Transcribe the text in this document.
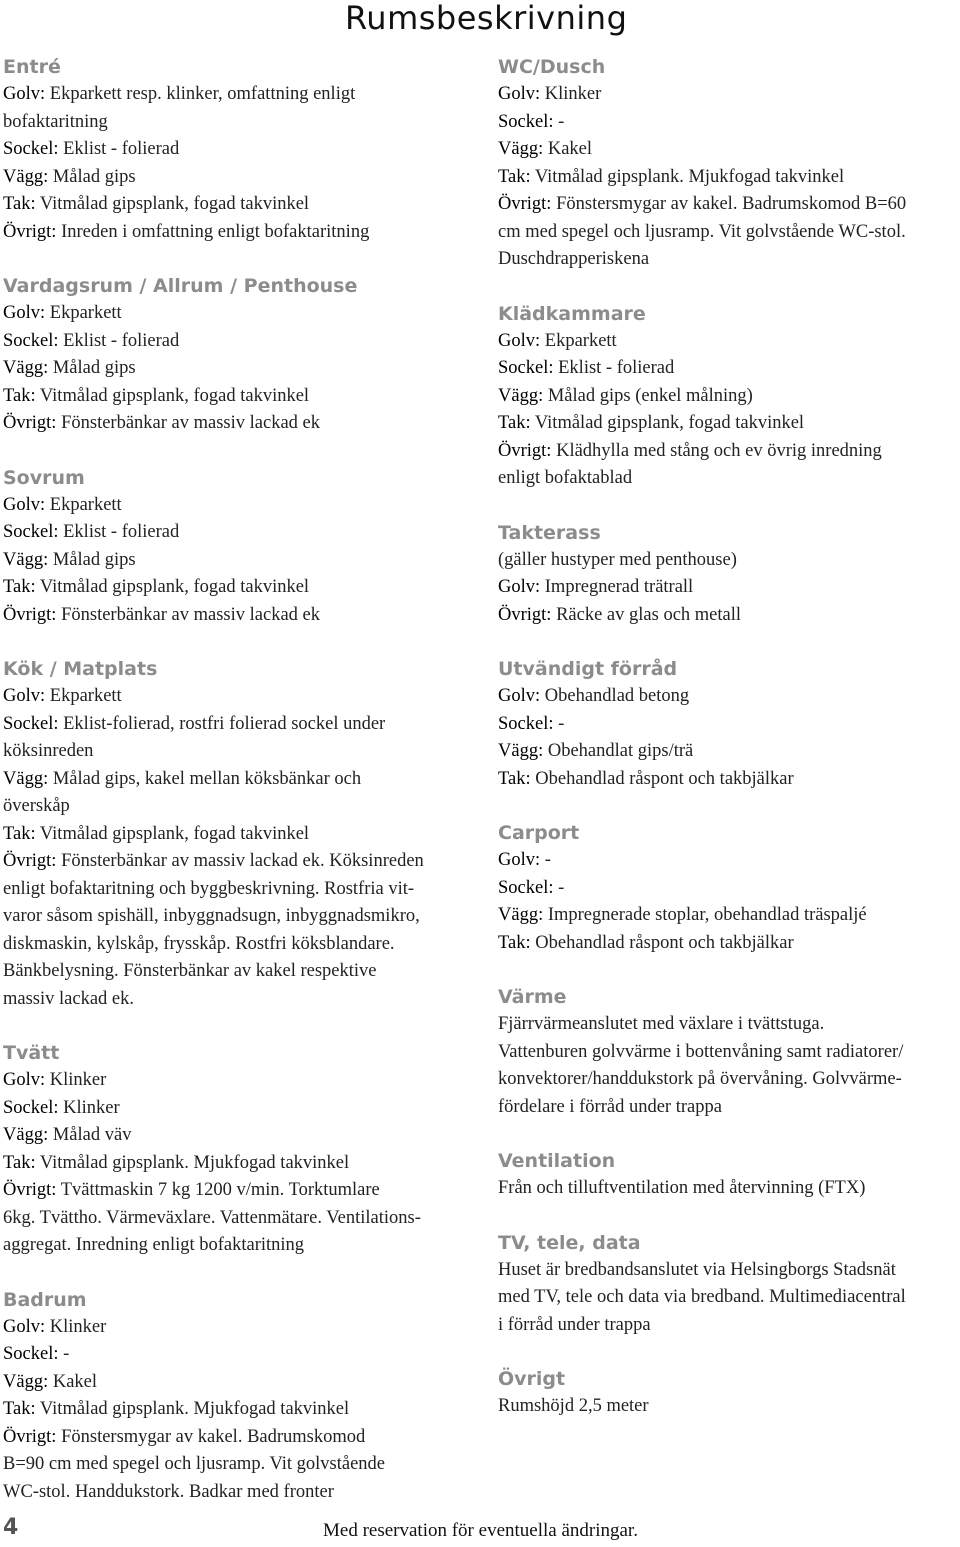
Rumsbeskrivning
Entré

Golv: Ekparkett resp. klinker, omfattning enligt

bofaktaritning

Sockel: Eklist - folierad

Vägg: Målad gips

Tak: Vitmålad gipsplank, fogad takvinkel

Övrigt: Inreden i omfattning enligt bofaktaritning

Vardagsrum / Allrum / Penthouse

Golv: Ekparkett

Sockel: Eklist - folierad

Vägg: Målad gips

Tak: Vitmålad gipsplank, fogad takvinkel

Övrigt: Fönsterbänkar av massiv lackad ek

Sovrum

Golv: Ekparkett

Sockel: Eklist - folierad

Vägg: Målad gips

Tak: Vitmålad gipsplank, fogad takvinkel

Övrigt: Fönsterbänkar av massiv lackad ek

Kök / Matplats

Golv: Ekparkett

Sockel: Eklist-folierad, rostfri folierad sockel under

köksinreden

Vägg: Målad gips, kakel mellan köksbänkar och

överskåp

Tak: Vitmålad gipsplank, fogad takvinkel

Övrigt: Fönsterbänkar av massiv lackad ek. Köksinreden

enligt bofaktaritning och byggbeskrivning. Rostfria vit-

varor såsom spishäll, inbyggnadsugn, inbyggnadsmikro,

diskmaskin, kylskåp, frysskåp. Rostfri köksblandare.

Bänkbelysning. Fönsterbänkar av kakel respektive

massiv lackad ek.

Tvätt

Golv: Klinker

Sockel: Klinker

Vägg: Målad väv

Tak: Vitmålad gipsplank. Mjukfogad takvinkel

Övrigt: Tvättmaskin 7 kg 1200 v/min. Torktumlare

6kg. Tvättho. Värmeväxlare. Vattenmätare. Ventilations-

aggregat. Inredning enligt bofaktaritning

Badrum

Golv: Klinker

Sockel: -

Vägg: Kakel

Tak: Vitmålad gipsplank. Mjukfogad takvinkel

Övrigt: Fönstersmygar av kakel. Badrumskomod

B=90 cm med spegel och ljusramp. Vit golvstående

WC-stol. Handdukstork. Badkar med fronter

WC/Dusch

Golv: Klinker

Sockel: -

Vägg: Kakel

Tak: Vitmålad gipsplank. Mjukfogad takvinkel

Övrigt: Fönstersmygar av kakel. Badrumskomod B=60

cm med spegel och ljusramp. Vit golvstående WC-stol.

Duschdrapperiskena

Klädkammare

Golv: Ekparkett

Sockel: Eklist - folierad

Vägg: Målad gips (enkel målning)

Tak: Vitmålad gipsplank, fogad takvinkel

Övrigt: Klädhylla med stång och ev övrig inredning

enligt bofaktablad

Takterass

(gäller hustyper med penthouse)

Golv: Impregnerad trätrall

Övrigt: Räcke av glas och metall

Utvändigt förråd

Golv: Obehandlad betong

Sockel: -

Vägg: Obehandlat gips/trä

Tak: Obehandlad råspont och takbjälkar

Carport

Golv: -

Sockel: -

Vägg: Impregnerade stoplar, obehandlad träspaljé

Tak: Obehandlad råspont och takbjälkar

Värme

Fjärrvärmeanslutet med växlare i tvättstuga.

Vattenburen golvvärme i bottenvåning samt radiatorer/

konvektorer/handdukstork på övervåning. Golvvärme-

fördelare i förråd under trappa

Ventilation

Från och tilluftventilation med återvinning (FTX)

TV, tele, data

Huset är bredbandsanslutet via Helsingborgs Stadsnät

med TV, tele och data via bredband. Multimediacentral

i förråd under trappa

Övrigt

Rumshöjd 2,5 meter

4	Med reservation för eventuella ändringar.
